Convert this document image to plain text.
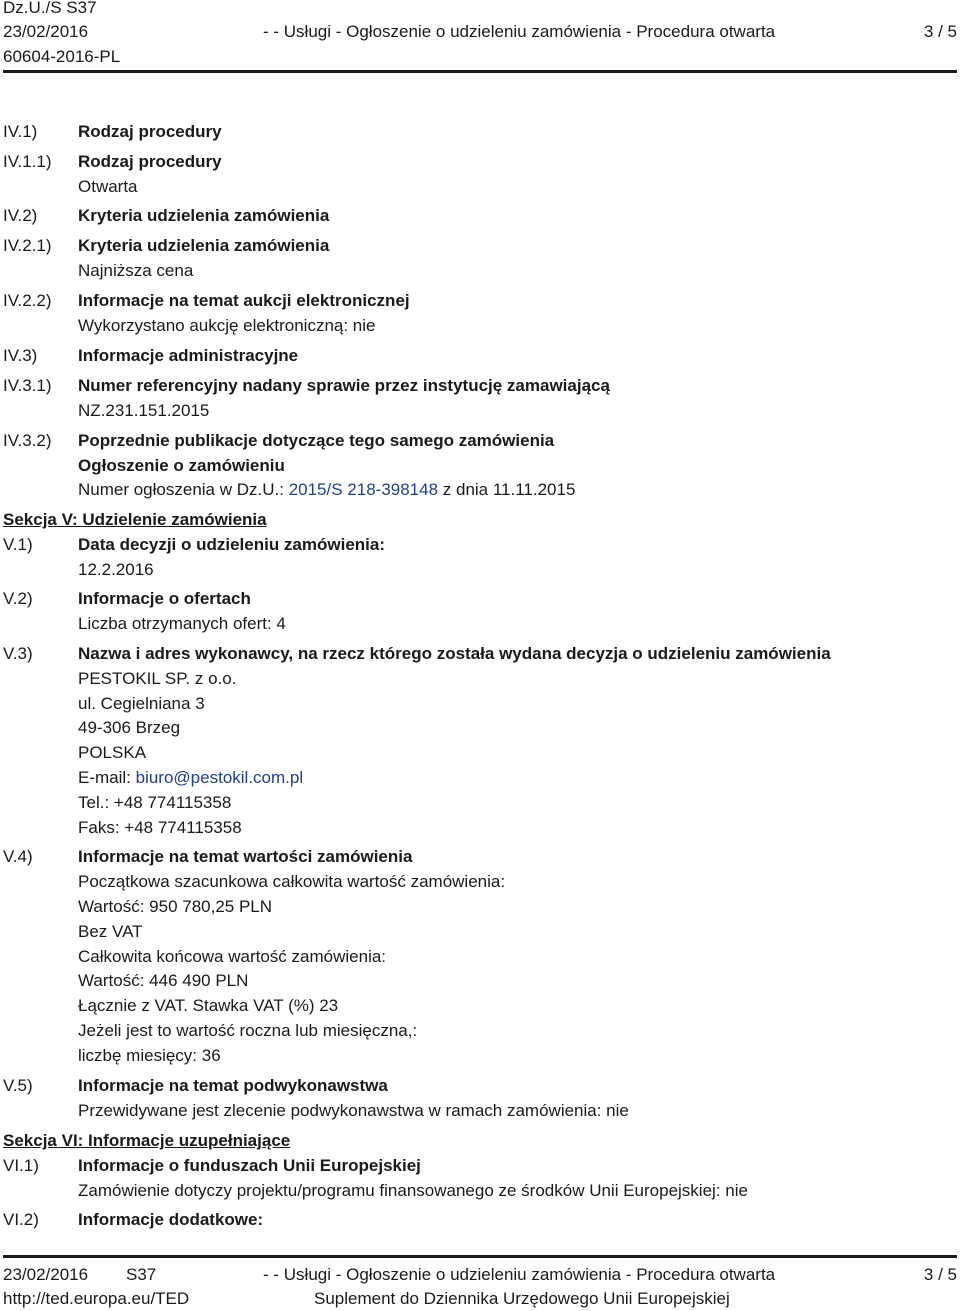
Dz.U./S S37
23/02/2016	- - Usługi - Ogłoszenie o udzieleniu zamówienia - Procedura otwarta	3 / 5
60604-2016-PL
IV.1) Rodzaj procedury
IV.1.1) Rodzaj procedury
Otwarta
IV.2) Kryteria udzielenia zamówienia
IV.2.1) Kryteria udzielenia zamówienia
Najniższa cena
IV.2.2) Informacje na temat aukcji elektronicznej
Wykorzystano aukcję elektroniczną: nie
IV.3) Informacje administracyjne
IV.3.1) Numer referencyjny nadany sprawie przez instytucję zamawiającą
NZ.231.151.2015
IV.3.2) Poprzednie publikacje dotyczące tego samego zamówienia
Ogłoszenie o zamówieniu
Numer ogłoszenia w Dz.U.: 2015/S 218-398148 z dnia 11.11.2015
Sekcja V: Udzielenie zamówienia
V.1)	Data decyzji o udzieleniu zamówienia:
12.2.2016
V.2)	Informacje o ofertach
Liczba otrzymanych ofert: 4
V.3)	Nazwa i adres wykonawcy, na rzecz którego została wydana decyzja o udzieleniu zamówienia
PESTOKIL SP. z o.o.
ul. Cegielniana 3
49-306 Brzeg
POLSKA
E-mail: biuro@pestokil.com.pl
Tel.: +48 774115358
Faks: +48 774115358
V.4)	Informacje na temat wartości zamówienia
Początkowa szacunkowa całkowita wartość zamówienia:
Wartość: 950 780,25 PLN
Bez VAT
Całkowita końcowa wartość zamówienia:
Wartość: 446 490 PLN
Łącznie z VAT. Stawka VAT (%) 23
Jeżeli jest to wartość roczna lub miesięczna,:
liczbę miesięcy: 36
V.5)	Informacje na temat podwykonawstwa
Przewidywane jest zlecenie podwykonawstwa w ramach zamówienia: nie
Sekcja VI: Informacje uzupełniające
VI.1) Informacje o funduszach Unii Europejskiej
Zamówienie dotyczy projektu/programu finansowanego ze środków Unii Europejskiej: nie
VI.2) Informacje dodatkowe:
23/02/2016 S37	- - Usługi - Ogłoszenie o udzieleniu zamówienia - Procedura otwarta	3 / 5
http://ted.europa.eu/TED	Suplement do Dziennika Urzędowego Unii Europejskiej
